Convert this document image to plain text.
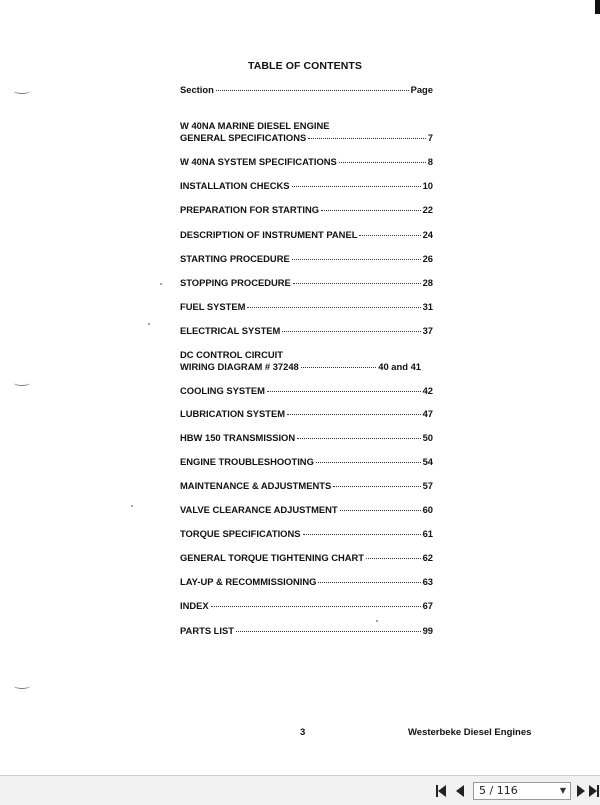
TABLE OF CONTENTS
Section	Page
W 40NA MARINE DIESEL ENGINE
GENERAL SPECIFICATIONS	7
W 40NA SYSTEM SPECIFICATIONS	8
INSTALLATION CHECKS	10
PREPARATION FOR STARTING	22
DESCRIPTION OF INSTRUMENT PANEL	24
STARTING PROCEDURE	26
STOPPING PROCEDURE	28
FUEL SYSTEM	31
ELECTRICAL SYSTEM	37
DC CONTROL CIRCUIT
WIRING DIAGRAM # 37248	40 and 41
COOLING SYSTEM	42
LUBRICATION SYSTEM	47
HBW 150 TRANSMISSION	50
ENGINE TROUBLESHOOTING	54
MAINTENANCE & ADJUSTMENTS	57
VALVE CLEARANCE ADJUSTMENT	60
TORQUE SPECIFICATIONS	61
GENERAL TORQUE TIGHTENING CHART	62
LAY-UP & RECOMMISSIONING	63
INDEX	67
PARTS LIST	99
3	Westerbeke Diesel Engines
5 / 116	▼
